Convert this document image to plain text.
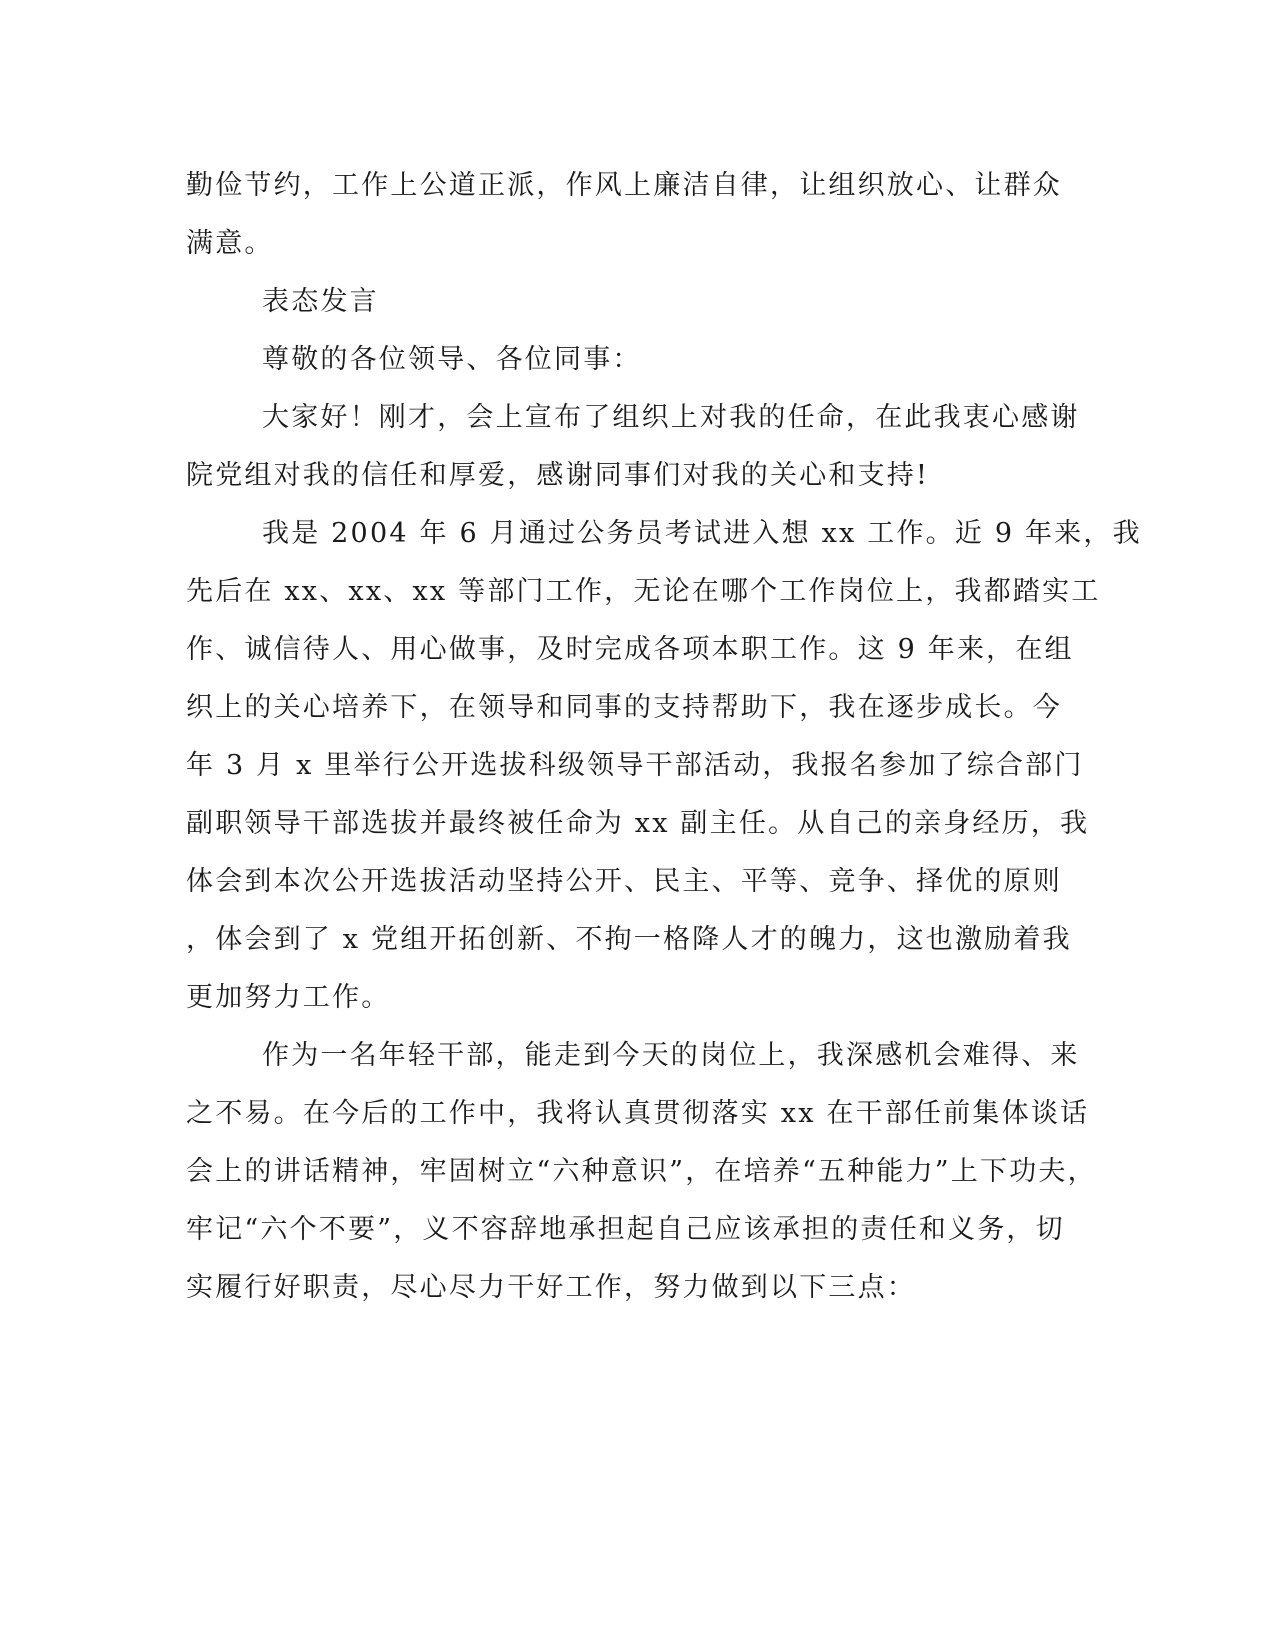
勤俭节约，工作上公道正派，作风上廉洁自律，让组织放心、让群众
满意。
表态发言
尊敬的各位领导、各位同事：
大家好！刚才，会上宣布了组织上对我的任命，在此我衷心感谢
院党组对我的信任和厚爱，感谢同事们对我的关心和支持!
我是 2004 年 6 月通过公务员考试进入想 xx 工作。近 9 年来，我
先后在 xx、xx、xx 等部门工作，无论在哪个工作岗位上，我都踏实工
作、诚信待人、用心做事，及时完成各项本职工作。这 9 年来，在组
织上的关心培养下，在领导和同事的支持帮助下，我在逐步成长。今
年 3 月 x 里举行公开选拔科级领导干部活动，我报名参加了综合部门
副职领导干部选拔并最终被任命为 xx 副主任。从自己的亲身经历，我
体会到本次公开选拔活动坚持公开、民主、平等、竞争、择优的原则
，体会到了 x 党组开拓创新、不拘一格降人才的魄力，这也激励着我
更加努力工作。
作为一名年轻干部，能走到今天的岗位上，我深感机会难得、来
之不易。在今后的工作中，我将认真贯彻落实 xx 在干部任前集体谈话
会上的讲话精神，牢固树立“六种意识”，在培养“五种能力”上下功夫，
牢记“六个不要”，义不容辞地承担起自己应该承担的责任和义务，切
实履行好职责，尽心尽力干好工作，努力做到以下三点：
